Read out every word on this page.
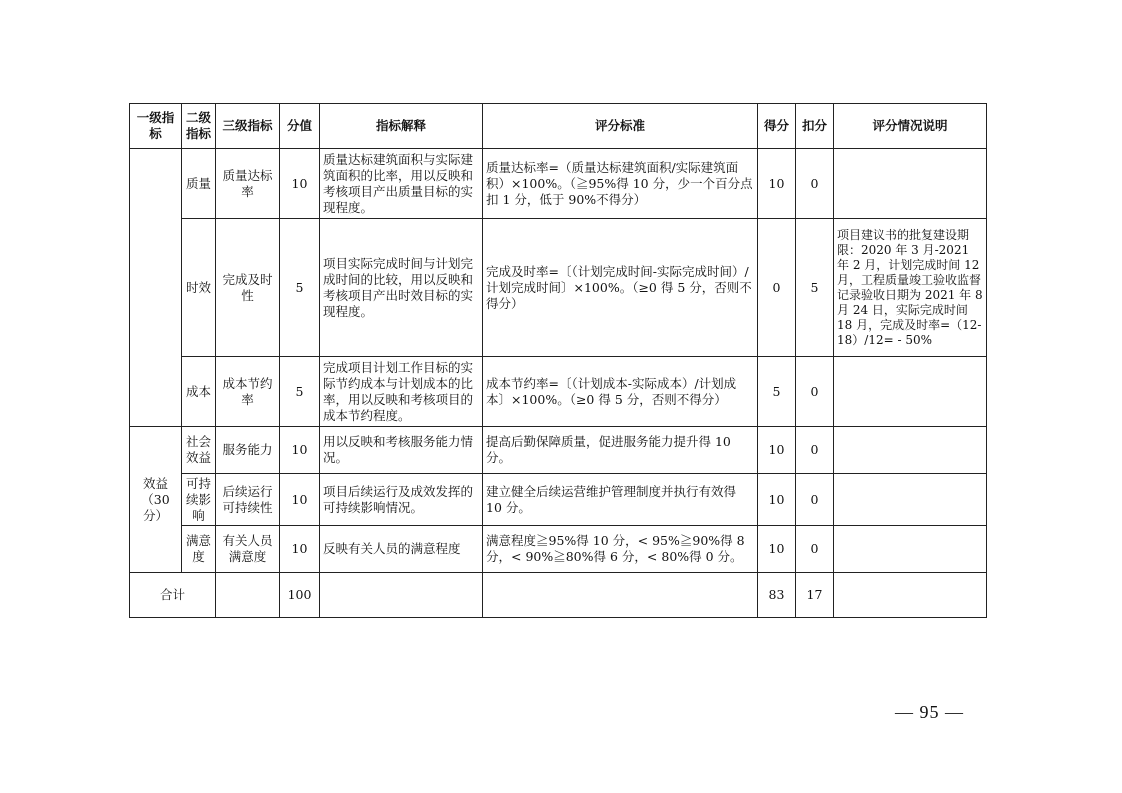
一级指标	二级指标	三级指标	分值	指标解释	评分标准	得分	扣分	评分情况说明
	质量	质量达标率	10	质量达标建筑面积与实际建筑面积的比率，用以反映和考核项目产出质量目标的实现程度。	质量达标率=（质量达标建筑面积/实际建筑面积）×100%。（≧95%得 10 分，少一个百分点扣 1 分，低于 90%不得分）	10	0	
	时效	完成及时性	5	项目实际完成时间与计划完成时间的比较，用以反映和考核项目产出时效目标的实现程度。	完成及时率=〔（计划完成时间-实际完成时间）/计划完成时间〕×100%。（≥0 得 5 分，否则不得分）	0	5	项目建议书的批复建设期限：2020 年 3 月-2021 年 2 月，计划完成时间 12 月，工程质量竣工验收监督记录验收日期为 2021 年 8 月 24 日，实际完成时间 18 月，完成及时率=（12-18）/12= - 50%
	成本	成本节约率	5	完成项目计划工作目标的实际节约成本与计划成本的比率，用以反映和考核项目的成本节约程度。	成本节约率=〔（计划成本-实际成本）/计划成本〕×100%。（≥0 得 5 分，否则不得分）	5	0	
效益（30 分）	社会效益	服务能力	10	用以反映和考核服务能力情况。	提高后勤保障质量，促进服务能力提升得 10 分。	10	0	
	可持续影响	后续运行可持续性	10	项目后续运行及成效发挥的可持续影响情况。	建立健全后续运营维护管理制度并执行有效得 10 分。	10	0	
	满意度	有关人员满意度	10	反映有关人员的满意程度	满意程度≧95%得 10 分，< 95%≧90%得 8 分，< 90%≧80%得 6 分，< 80%得 0 分。	10	0	
合计			100			83	17	
— 95 —
